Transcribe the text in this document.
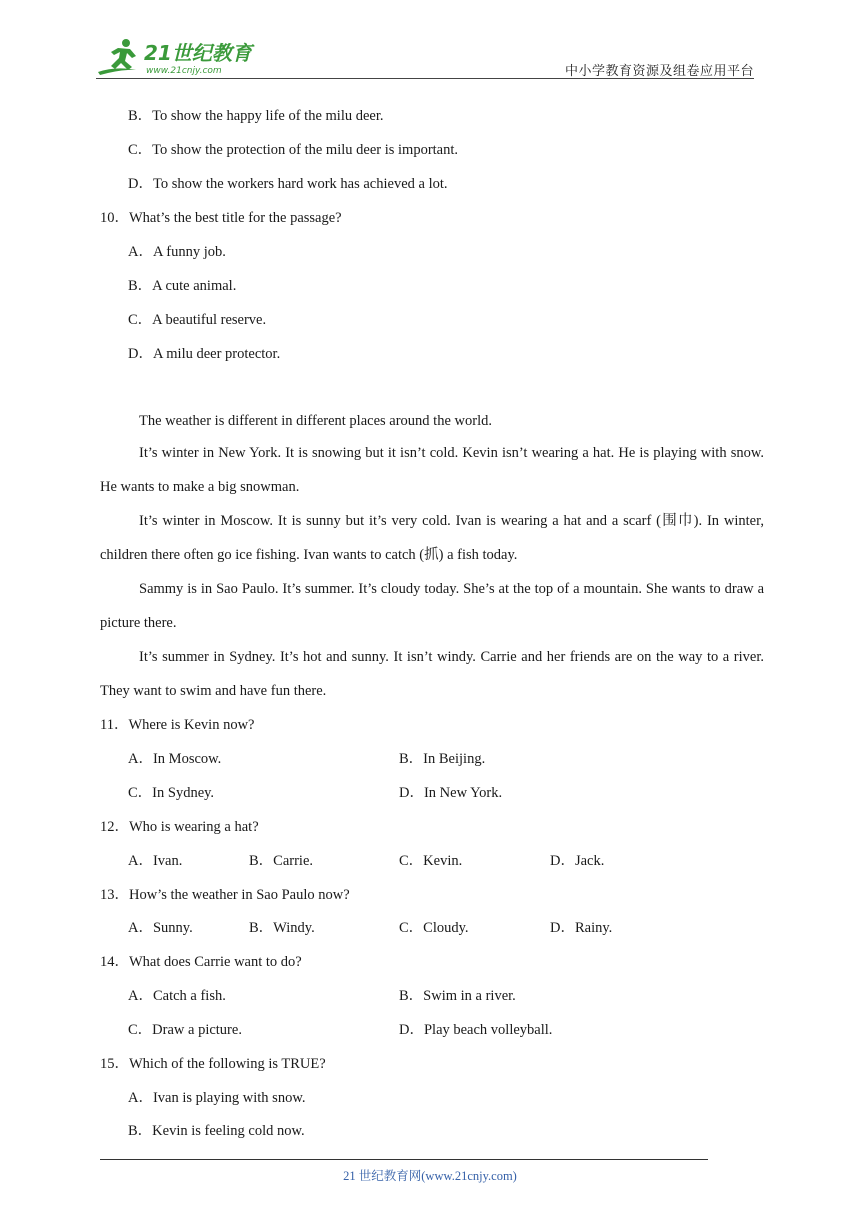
21世纪教育
www.21cnjy.com	中小学教育资源及组卷应用平台
B．To show the happy life of the milu deer.
C．To show the protection of the milu deer is important.
D．To show the workers hard work has achieved a lot.
10．What’s the best title for the passage?
A．A funny job.
B．A cute animal.
C．A beautiful reserve.
D．A milu deer protector.
The weather is different in different places around the world.
It’s winter in New York. It is snowing but it isn’t cold. Kevin isn’t wearing a hat. He is playing with snow. He wants to make a big snowman.
It’s winter in Moscow. It is sunny but it’s very cold. Ivan is wearing a hat and a scarf (围巾). In winter, children there often go ice fishing. Ivan wants to catch (抓) a fish today.
Sammy is in Sao Paulo. It’s summer. It’s cloudy today. She’s at the top of a mountain. She wants to draw a picture there.
It’s summer in Sydney. It’s hot and sunny. It isn’t windy. Carrie and her friends are on the way to a river. They want to swim and have fun there.
11．Where is Kevin now?
A．In Moscow.	B．In Beijing.
C．In Sydney.	D．In New York.
12．Who is wearing a hat?
A．Ivan.	B．Carrie.	C．Kevin.	D．Jack.
13．How’s the weather in Sao Paulo now?
A．Sunny.	B．Windy.	C．Cloudy.	D．Rainy.
14．What does Carrie want to do?
A．Catch a fish.	B．Swim in a river.
C．Draw a picture.	D．Play beach volleyball.
15．Which of the following is TRUE?
A．Ivan is playing with snow.
B．Kevin is feeling cold now.
21 世纪教育网(www.21cnjy.com)
